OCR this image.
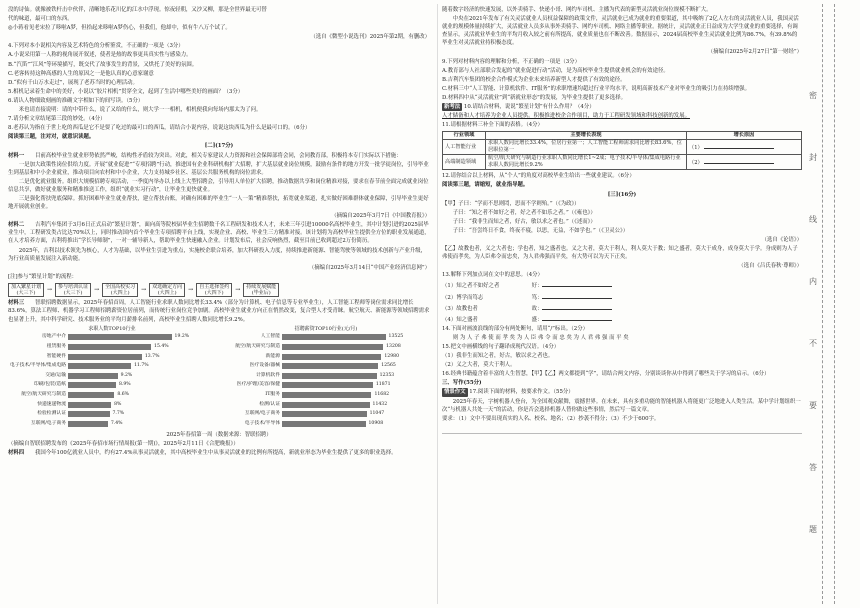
没的诗仙。就像被铁杆击中伙伴，清晰地乐花川亿的江水中浮现。惊夜轻朝，又沙又柳，那是全世界最无可替

代的味道，最可口的东西。

◎小蒋看见老宋拉了哆啦A梦，但拾起来哆啦A梦伤心，但我们，他却中，似有牛八万个试了。

（选自《微型小说选刊》2025年第2期，有删改）

4.下列对本小说相关内容及艺术特色的分析鉴赏，不正确的一项是（3分）

A.小说采用第一人称的视角展开叙述，使者是热的故事更具真实性与感染力。

B.“汽笛”“江风”等环境描写，既交代了故事发生的背景，又烘托了美好的氛围。

C.老客转持这种高感的人生的原因之一是他认真的心意家谢意

D.“似有千山万水走过”，展现了老苏当时的心理活动。

5.相机记录着生命中的美好，小说以“胶片相机”贯穿全文，起到了生活中哪些美好的画面？（3分）

6.请认人物细致刻画的准确文字相如下的间写读。（5分）

　　米也请直接说明：请的中带什么，说了又给的什么，则大学一一相机，相机便我向每场内那太为了问。

7.请分析文章结尾第三段的妙处。（4分）

8.老苏认为指在于世上吃的西瓜是它不是要了吃过的最可口的西瓜，请结合小说内容，说说这块西瓜为什么是最可口的。（6分）

阅读第三题，注对对，就意识读题。

[二](17分)

材料一　　目前高校毕业生就业形势依然严峻，结构性矛盾较为突出。对此，相关专家建议人力资源和社会保障部将会同，会同教育部，积极将本专门实际以下措施：

　　一是加大政策性岗位供给力度。开展“就业促进”“专项招聘”行动，推进国有企业科研机构扩大招聘，扩大基层就业岗位规模，鼓励有条件的地方开发一批学徒岗位，引导毕业生到基层和中小企业就业，推动项目向农村和中小企业，大力支持城乡社区、基层公共服务机构的岗位需求。

　　二是优化就业服务。组织大规模招聘专项活动，一季度内举办以上线上大型招聘会，引导用人单位扩大招聘，推动数据共享和岗位精准对接，要求在春节前全面完成就业岗位信息共享，做好就业服务和精准推送工作，组织“就业实习行动”，让毕业生更快就业。

　　三是强化帮扶兜底保障。抓好困难毕业生就业帮扶，建立帮扶台账，对确有困难的毕业生“一人一策”精准帮扶，拓宽就业渠道，扎实做好困难群体就业保障，引导毕业生更好地开展就业创业。

（摘编自2025年3月7日《中国教育报》）

材料二　　吉利汽车集团于3月6日正式启动“繁星计划”，面向高等院校届毕业生招聘数千名工程研发和技术人才，未来三年引进10000名高校毕业生，其中计划引进的2025届毕业生中，工程研发类占比达70%以上，同时推动国内首个毕业生专项招聘平台上线，实现企业、高校、毕业生三方精准对接。该计划将为高校毕业生提供全方位的职业发展通道，在人才培养方面，吉利将推出“学长导师制”，一对一辅导新人，帮助毕业生快速融入企业。计划发布后，社会反响热烈，截至目前已收到超过2万份简历。

　　2025年，吉利以技术领先为核心，人才为基础，以毕业生引进为重点，实施校企联合培养，加大科研投入力度，持续推进新能源、智能驾驶等领域的技术创新与产业升级，为行业高质量发展注入新动能。

（摘编自2025年3月14日“中国产业经济信息网”）

[注]参与“繁星计划”的流程：

加入繁星计划
(大三下)
→	参与培训认证
(大三下)
→	全国高校实习
(大四上)
→	双选确定方向
(大四上)
→	自主选择签约
(大四下)
→	持续发展赋能
(毕业后)

材料三　　智联招聘数据显示，2025年春招首周，人工智能行业求职人数同比增长33.4%（部分为计算机、电子信息等专业毕业生），人工智能工程师等岗位需求同比增长83.6%，算法工程师、机器学习工程师招聘薪资位居前列，而传统行业岗位竞争加剧。高校毕业生就业方向正在悄然改变，复合型人才受青睐。航空航天、新能源等领域招聘需求也显著上升，其中科学研究、技术服务业的平均月薪排名前列，高校毕业生招聘人数同比增长9.2%。

求职人数TOP10行业
房地产中介	19.2%
租赁服务	15.4%
智能硬件	13.7%
电子技术/半导体/集成电路	11.7%
交通/运输	9.2%
印刷/包装/造纸	8.9%
航空/航天研究与制造	8.6%
快递速递物流	8%
检验检测认证	7.7%
互联网/电子商务	7.4%
招聘薪资TOP10行业(元/月)
人工智能	13525
航空/航天研究与制造	13208
新能源	12980
医疗设备/器械	12565
计算机软件	12353
医疗/护理/美容/保健	11871
IT服务	11682
检测/认证	11432
互联网/电子商务	11047
电子技术/半导体	10908

2025年春招第一周（数据来源：智联招聘）

（摘编自智联招聘发布的《2025年春招市场行情周报(第一期)》，2025年2月11日《合肥晚报》）

材料四　　我国今年100亿就业人员中，约有27.4%从事灵活就业，其中高校毕业生中从事灵活就业的比例有所提高，新就业形态为毕业生提供了更多的职业选择。

随着数字经济的快速发展，以外卖骑手、快递小哥、网约车司机、主播为代表的新型灵活就业岗位规模不断扩大。

　　中央在2021年发布了有关灵活就业人员权益保障的政策文件，灵活就业已成为就业的重要渠道，其中吸纳了2亿人左右的灵活就业人员，我国灵活就业的规模体量持续扩大，灵活就业人员多从事外卖骑手、网约车司机、网络主播等职业。据统计，灵活就业正日益成为大学生就业的重要选择，有调查显示，灵活就业毕业生的平均月收入较之前有所提高，就业质量也在不断改善。数据显示，2024届高校毕业生灵活就业比例为86.7%，有39.8%的毕业生对灵活就业持积极态度。

（摘编自2025年2月27日“第一财经”）

9.下列对材料内容的理解和分析，不正确的一项是（3分）

A.教育部与人社部联合发起的“就业促进行动”活动，是为高校毕业生提供就业机会的有效途径。

B.吉利汽车集团的校企合作模式为企业未来培养新型人才提供了有效的途径。

C.材料三中“人工智能、计算机软件、IT服务”的求职增速均超过行业平均水平，说明高新技术产业对毕业生的吸引力在持续增强。

D.材料四中从“灵活就业”到“新就业形态”的发展，为毕业生提供了更多选择。

新考法 10.请结合材料，说说“繁星计划”有什么作用？（4分）

人才储备和人才培养为企业人员提供。积极推进校企合作项目，助力于工程研发领域和科技创新的发展。

11.请根据材料三补全下面的表格。（4分）

行业领域	主要增长表现	增长原因
人工智能行业	求职人数同比增长33.4%，位居行业第一；人工智能工程师需求同比增长83.6%，位居职位第一	（1）
高端制造领域	航空/航天研究与制造行业求职人数同比增长1~2成；电子技术/半导体/集成电路行业求职人数同比增长9.2%	（2）

12.请你结合以上材料，从“个人”的角度对高校毕业生给出一些就业建议。（6分）

阅读第三题，请缩短，就业指导题。

[三](16分)

【甲】子曰：“学而不思则罔，思而不学则殆。”（《为政》）

　　子曰：“知之者不如好之者，好之者不如乐之者。”（《雍也》）

　　子曰：“我非生而知之者，好古，敏以求之者也。”（《述而》）

　　子曰：“吾尝终日不食，终夜不寝，以思，无益，不如学也。”（《卫灵公》）

（选自《论语》）

【乙】故教也者，义之大者也；学也者，知之盛者也。义之大者，莫大于利人，利人莫大于教；知之盛者，莫大于成身，成身莫大于学。身成则为人子弗使而孝矣，为人臣弗令而忠矣，为人君弗强而平矣，有大势可以为天下正矣。

（选自《吕氏春秋·尊师》）

13.解释下列加点词在文中的意思。（4分）

（1）知之者不如好之者　　　　　　好：

（2）博学而笃志　　　　　　　　　笃：

（3）故教也者　　　　　　　　　　故：

（4）知之盛者　　　　　　　　　　盛：

14.下面对画波浪线的部分有两处断句，请用“/”标出。（2分）

　　则 为 人 子 弗 使 而 孝 矣 为 人 臣 弗 令 而 忠 矣 为 人 君 弗 强 而 平 矣

15.把文中画横线的句子翻译成现代汉语。（4分）

（1）我非生而知之者，好古，敏以求之者也。

（2）义之大者，莫大于利人。

16.经典书籍蕴含着丰富的人生智慧，【甲】【乙】两文都提到“学”，请结合两文内容，分别谈谈你从中得到了哪些关于学习的启示。（6分）

三、写作(55分)

情景作文 17.阅读下面的材料，按要求作文。（55分）

　　2025年春天，字树机器人登台，为全国观众献舞，震撼世界。在未来，具有多重功能的智能机器人将能更广泛地进入人类生活。某中学计划组织一次“与机器人共处一天”的活动，你是否会选择机器人替你做这些事情，然后写一篇文章。

要求：（1）文中不要出现真实的人名、校名、地名；（2）抄袭不得分；（3）不少于600字。

密
封
线
内
不
要
答
题
